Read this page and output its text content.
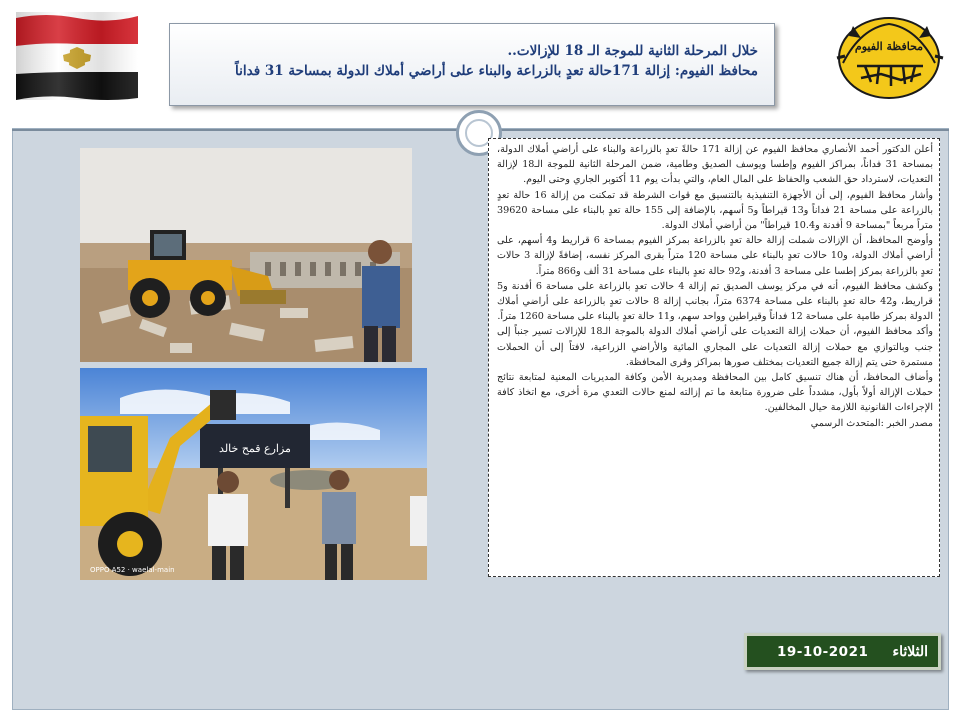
خلال المرحلة الثانية للموجة الـ 18 للإزالات..
محافظ الفيوم: إزالة 171حالة تعدٍ بالزراعة والبناء على أراضي أملاك الدولة بمساحة 31 فداناً
محافظة الفيوم
مزارع قمح خالد
OPPO A52 · waelal-main

أعلن الدكتور أحمد الأنصاري محافظ الفيوم عن إزالة 171 حالةً تعدٍ بالزراعة والبناء على أراضي أملاك الدولة، بمساحة 31 فداناً، بمراكز الفيوم وإطسا ويوسف الصديق وطامية، ضمن المرحلة الثانية للموجة الـ18 لإزالة التعديات، لاسترداد حق الشعب والحفاظ على المال العام، والتي بدأت يوم 11 أكتوبر الجاري وحتى اليوم.

وأشار محافظ الفيوم، إلى أن الأجهزة التنفيذية بالتنسيق مع قوات الشرطة قد تمكنت من إزالة 16 حالة تعدٍ بالزراعة على مساحة 21 فداناً و13 قيراطاً و5 أسهم، بالإضافة إلى 155 حالة تعدٍ بالبناء على مساحة 39620 متراً مربعاً "بمساحة 9 أفدنة و10.4 قيراطاً" من أراضي أملاك الدولة.

وأوضح المحافظ، أن الإزالات شملت إزالة حالة تعدٍ بالزراعة بمركز الفيوم بمساحة 6 قراريط و4 أسهم، على أراضي أملاك الدولة، و10 حالات تعدٍ بالبناء على مساحة 120 متراً بقرى المركز نفسه، إضافةً لإزالة 3 حالات تعدٍ بالزراعة بمركز إطسا على مساحة 3 أفدنة، و92 حالة تعدٍ بالبناء على مساحة 31 ألف و866 متراً.

وكشف محافظ الفيوم، أنه في مركز يوسف الصديق تم إزالة 4 حالات تعدٍ بالزراعة على مساحة 6 أفدنة و5 قراريط، و42 حالة تعدٍ بالبناء على مساحة 6374 متراً، بجانب إزالة 8 حالات تعدٍ بالزراعة على أراضي أملاك الدولة بمركز طامية على مساحة 12 فداناً وقيراطين وواحد سهم، و11 حالة تعدٍ بالبناء على مساحة 1260 متراً.

وأكد محافظ الفيوم، أن حملات إزالة التعديات على أراضي أملاك الدولة بالموجة الـ18 للإزالات تسير جنباً إلى جنب وبالتوازي مع حملات إزالة التعديات على المجاري المائية والأراضي الزراعية، لافتاً إلى أن الحملات مستمرة حتى يتم إزالة جميع التعديات بمختلف صورها بمراكز وقرى المحافظة.

وأضاف المحافظ، أن هناك تنسيق كامل بين المحافظة ومديرية الأمن وكافة المديريات المعنية لمتابعة نتائج حملات الإزالة أولاً بأول، مشدداً على ضرورة متابعة ما تم إزالته لمنع حالات التعدي مرة أخرى، مع اتخاذ كافة الإجراءات القانونية اللازمة حيال المخالفين.

مصدر الخبر :المتحدث الرسمي

19-10-2021 الثلاثاء
